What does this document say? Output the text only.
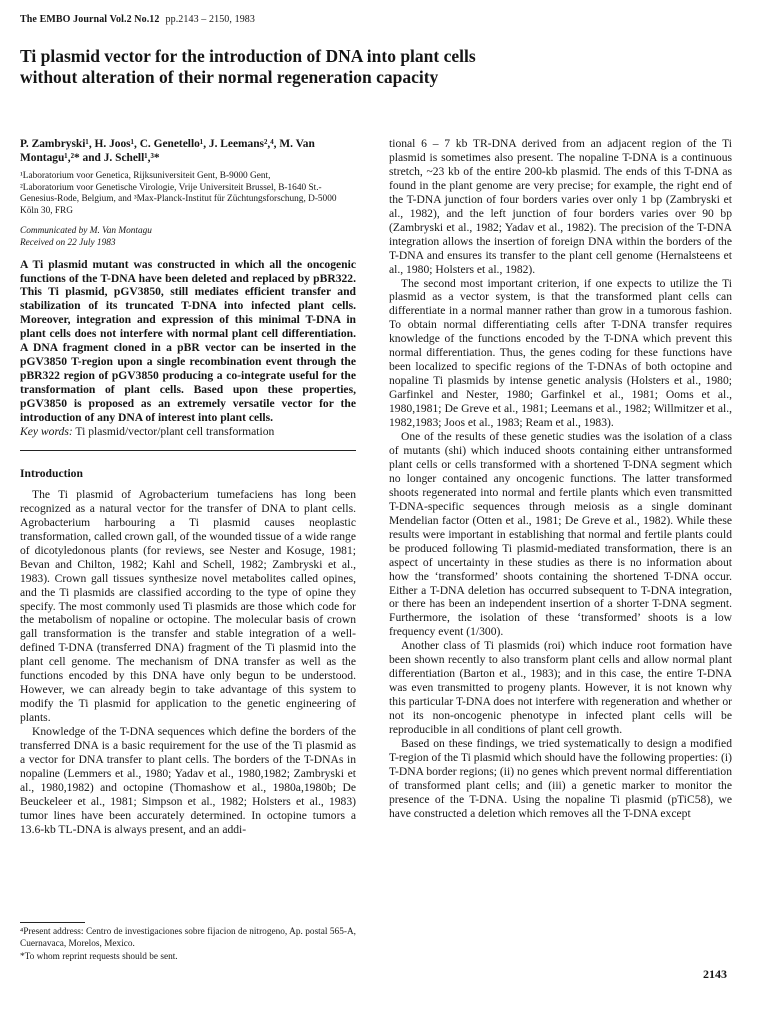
The EMBO Journal Vol.2 No.12 pp.2143 – 2150, 1983
Ti plasmid vector for the introduction of DNA into plant cells without alteration of their normal regeneration capacity

P. Zambryski¹, H. Joos¹, C. Genetello¹, J. Leemans²,⁴, M. Van Montagu¹,²* and J. Schell¹,³*

¹Laboratorium voor Genetica, Rijksuniversiteit Gent, B-9000 Gent,

²Laboratorium voor Genetische Virologie, Vrije Universiteit Brussel, B-1640 St.-Genesius-Rode, Belgium, and ³Max-Planck-Institut für Züchtungsforschung, D-5000 Köln 30, FRG

Communicated by M. Van Montagu

Received on 22 July 1983

A Ti plasmid mutant was constructed in which all the oncogenic functions of the T-DNA have been deleted and replaced by pBR322. This Ti plasmid, pGV3850, still mediates efficient transfer and stabilization of its truncated T-DNA into infected plant cells. Moreover, integration and expression of this minimal T-DNA in plant cells does not interfere with normal plant cell differentiation. A DNA fragment cloned in a pBR vector can be inserted in the pGV3850 T-region upon a single recombination event through the pBR322 region of pGV3850 producing a co-integrate useful for the transformation of plant cells. Based upon these properties, pGV3850 is proposed as an extremely versatile vector for the introduction of any DNA of interest into plant cells.

Key words: Ti plasmid/vector/plant cell transformation

Introduction

The Ti plasmid of Agrobacterium tumefaciens has long been recognized as a natural vector for the transfer of DNA to plant cells. Agrobacterium harbouring a Ti plasmid causes neoplastic transformation, called crown gall, of the wounded tissue of a wide range of dicotyledonous plants (for reviews, see Nester and Kosuge, 1981; Bevan and Chilton, 1982; Kahl and Schell, 1982; Zambryski et al., 1983). Crown gall tissues synthesize novel metabolites called opines, and the Ti plasmids are classified according to the type of opine they specify. The most commonly used Ti plasmids are those which code for the metabolism of nopaline or octopine. The molecular basis of crown gall transformation is the transfer and stable integration of a well-defined T-DNA (transferred DNA) fragment of the Ti plasmid into the plant cell genome. The mechanism of DNA transfer as well as the functions encoded by this DNA have only begun to be understood. However, we can already begin to take advantage of this system to modify the Ti plasmid for application to the genetic engineering of plants.

Knowledge of the T-DNA sequences which define the borders of the transferred DNA is a basic requirement for the use of the Ti plasmid as a vector for DNA transfer to plant cells. The borders of the T-DNAs in nopaline (Lemmers et al., 1980; Yadav et al., 1980,1982; Zambryski et al., 1980,1982) and octopine (Thomashow et al., 1980a,1980b; De Beuckeleer et al., 1981; Simpson et al., 1982; Holsters et al., 1983) tumor lines have been accurately determined. In octopine tumors a 13.6-kb TL-DNA is always present, and an addi-

⁴Present address: Centro de investigaciones sobre fijacion de nitrogeno, Ap. postal 565-A, Cuernavaca, Morelos, Mexico.

*To whom reprint requests should be sent.

tional 6 – 7 kb TR-DNA derived from an adjacent region of the Ti plasmid is sometimes also present. The nopaline T-DNA is a continuous stretch, ~23 kb of the entire 200-kb plasmid. The ends of this T-DNA as found in the plant genome are very precise; for example, the right end of the T-DNA junction of four borders varies over only 1 bp (Zambryski et al., 1982), and the left junction of four borders varies over 90 bp (Zambryski et al., 1982; Yadav et al., 1982). The precision of the T-DNA integration allows the insertion of foreign DNA within the borders of the T-DNA and ensures its transfer to the plant cell genome (Hernalsteens et al., 1980; Holsters et al., 1982).

The second most important criterion, if one expects to utilize the Ti plasmid as a vector system, is that the transformed plant cells can differentiate in a normal manner rather than grow in a tumorous fashion. To obtain normal differentiating cells after T-DNA transfer requires knowledge of the functions encoded by the T-DNA which prevent this normal differentiation. Thus, the genes coding for these functions have been localized to specific regions of the T-DNAs of both octopine and nopaline Ti plasmids by intense genetic analysis (Holsters et al., 1980; Garfinkel and Nester, 1980; Garfinkel et al., 1981; Ooms et al., 1980,1981; De Greve et al., 1981; Leemans et al., 1982; Willmitzer et al., 1982,1983; Joos et al., 1983; Ream et al., 1983).

One of the results of these genetic studies was the isolation of a class of mutants (shi) which induced shoots containing either untransformed plant cells or cells transformed with a shortened T-DNA segment which no longer contained any oncogenic functions. The latter transformed shoots regenerated into normal and fertile plants which even transmitted T-DNA-specific sequences through meiosis as a single dominant Mendelian factor (Otten et al., 1981; De Greve et al., 1982). While these results were important in establishing that normal and fertile plants could be produced following Ti plasmid-mediated transformation, there is an aspect of uncertainty in these studies as there is no information about how the ‘transformed’ shoots containing the shortened T-DNA occur. Either a T-DNA deletion has occurred subsequent to T-DNA integration, or there has been an independent insertion of a shorter T-DNA segment. Furthermore, the isolation of these ‘transformed’ shoots is a low frequency event (1/300).

Another class of Ti plasmids (roi) which induce root formation have been shown recently to also transform plant cells and allow normal plant differentiation (Barton et al., 1983); and in this case, the entire T-DNA was even transmitted to progeny plants. However, it is not known why this particular T-DNA does not interfere with regeneration and whether or not its non-oncogenic phenotype in infected plant cells will be reproducible in all conditions of plant cell growth.

Based on these findings, we tried systematically to design a modified T-region of the Ti plasmid which should have the following properties: (i) T-DNA border regions; (ii) no genes which prevent normal differentiation of transformed plant cells; and (iii) a genetic marker to monitor the presence of the T-DNA. Using the nopaline Ti plasmid (pTiC58), we have constructed a deletion which removes all the T-DNA except

2143
